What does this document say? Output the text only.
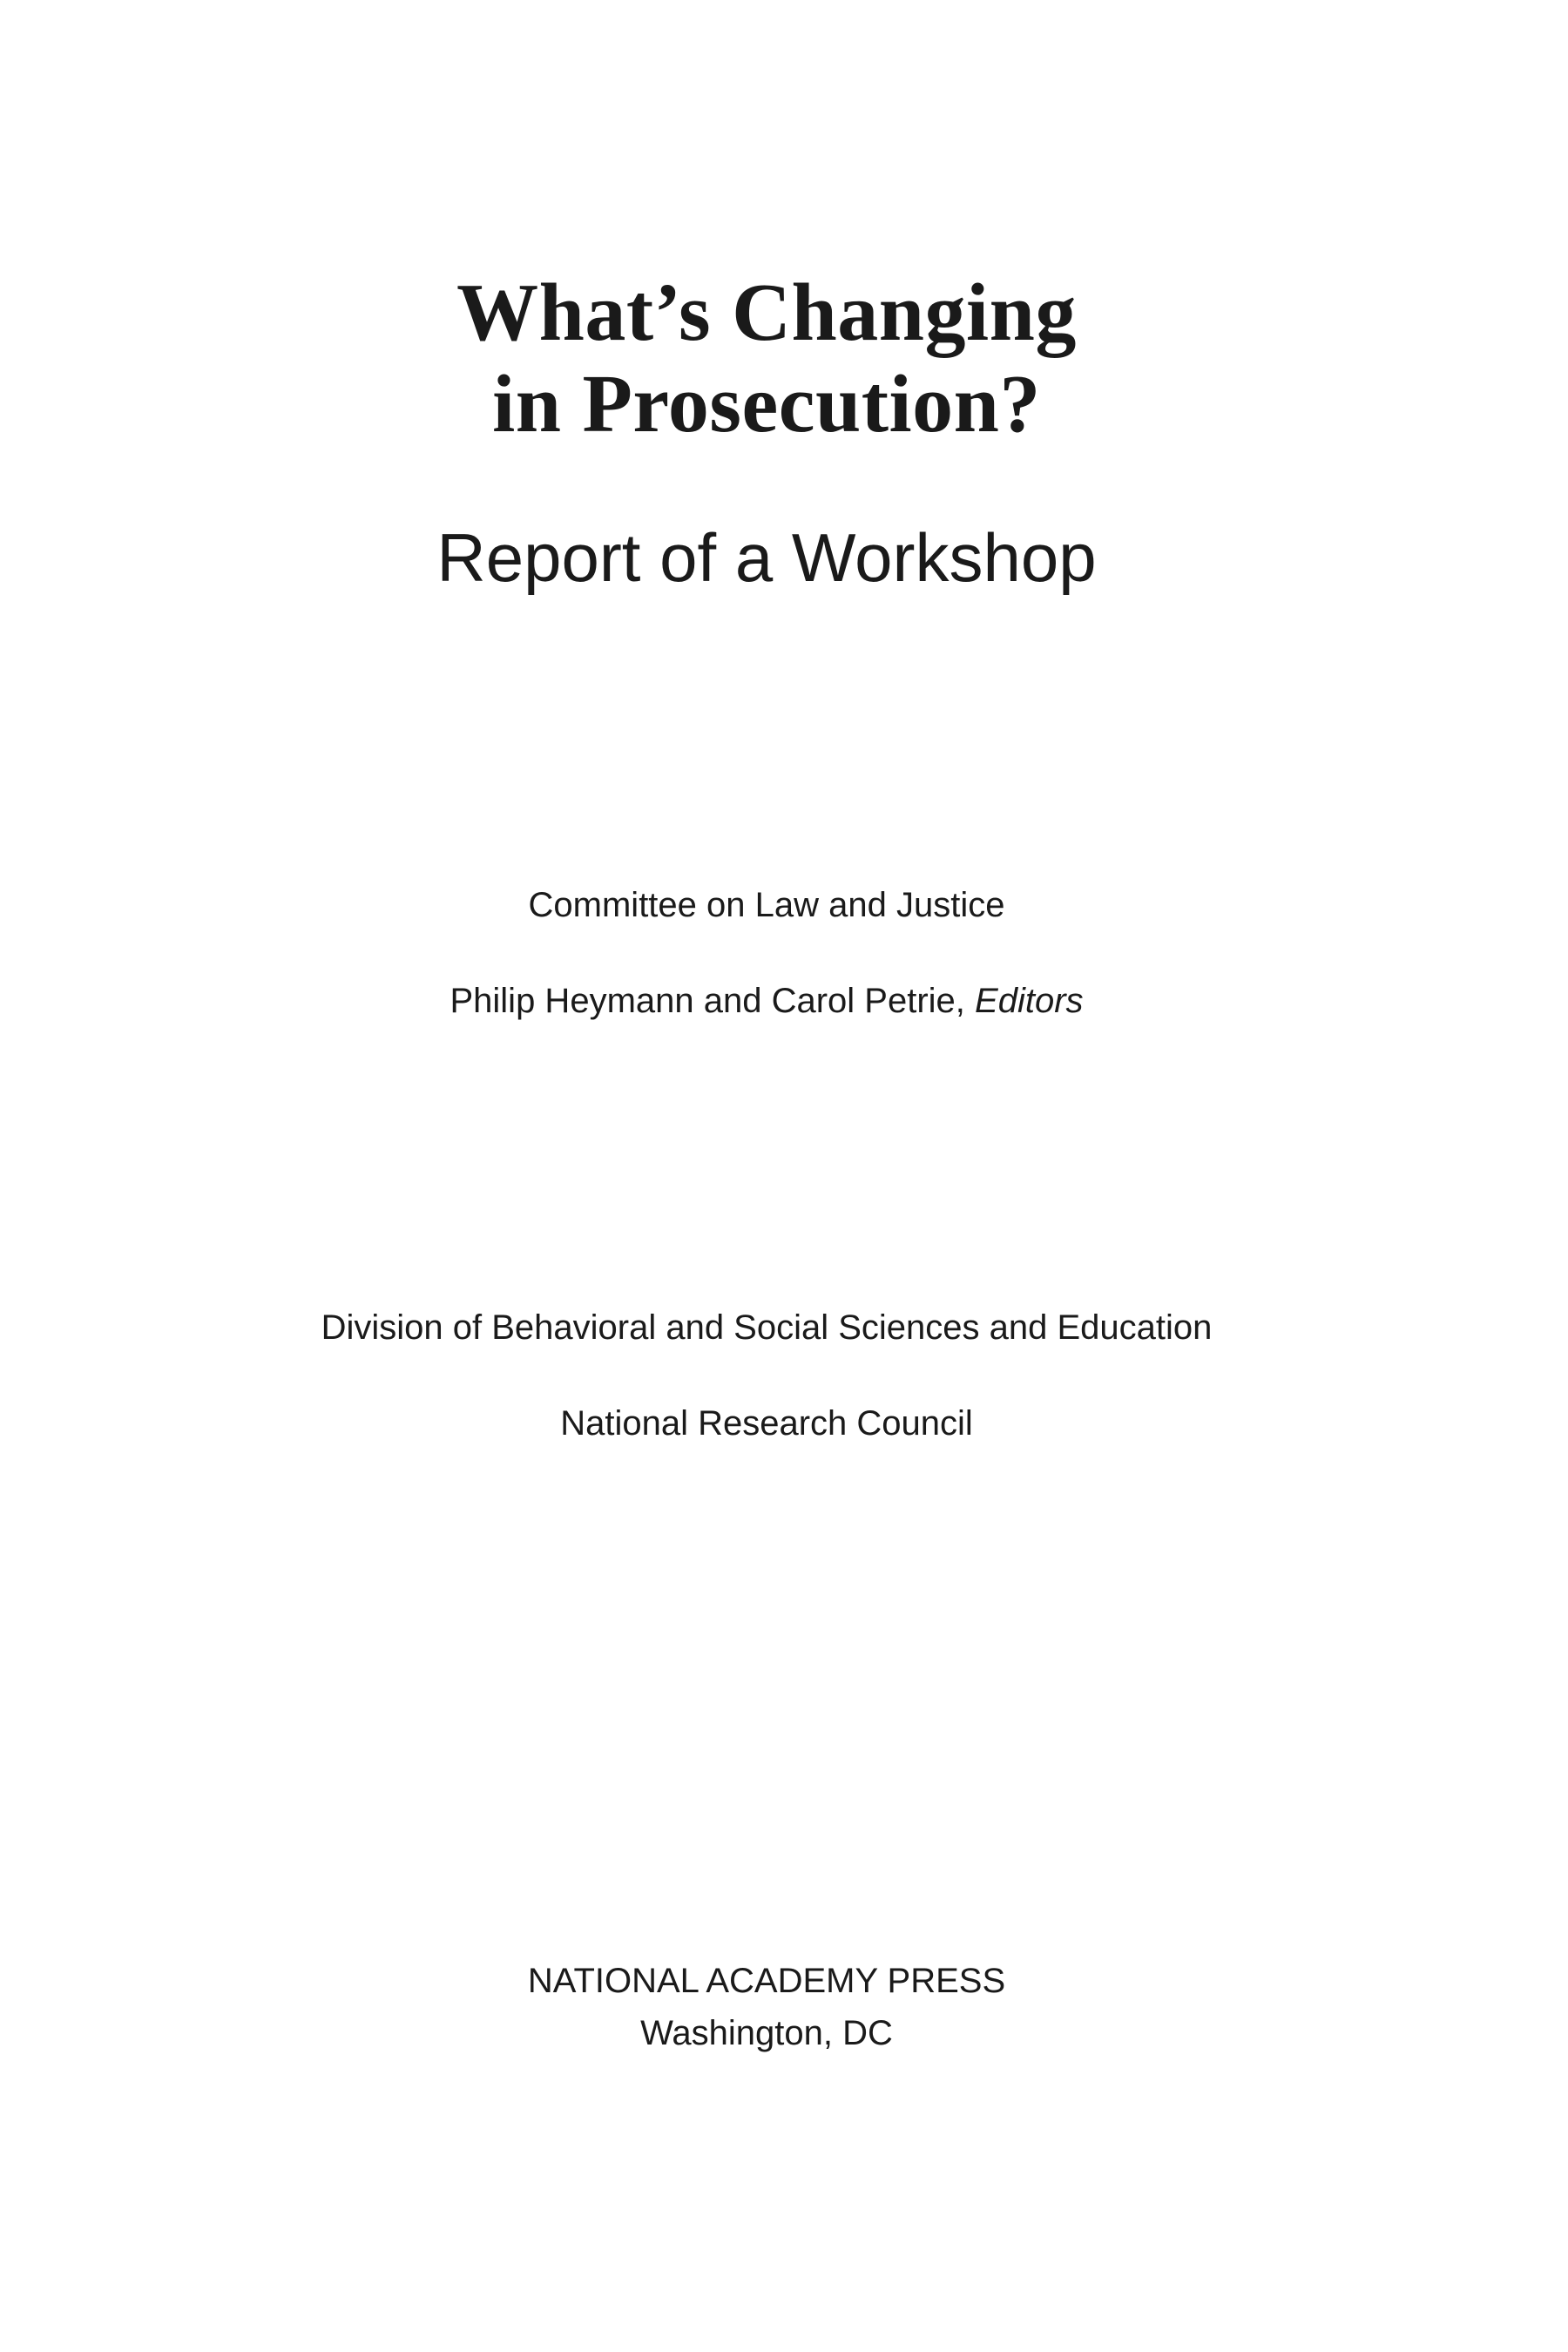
What’s Changing
in Prosecution?
Report of a Workshop
Committee on Law and Justice
Philip Heymann and Carol Petrie, Editors
Division of Behavioral and Social Sciences and Education
National Research Council
NATIONAL ACADEMY PRESS
Washington, DC
